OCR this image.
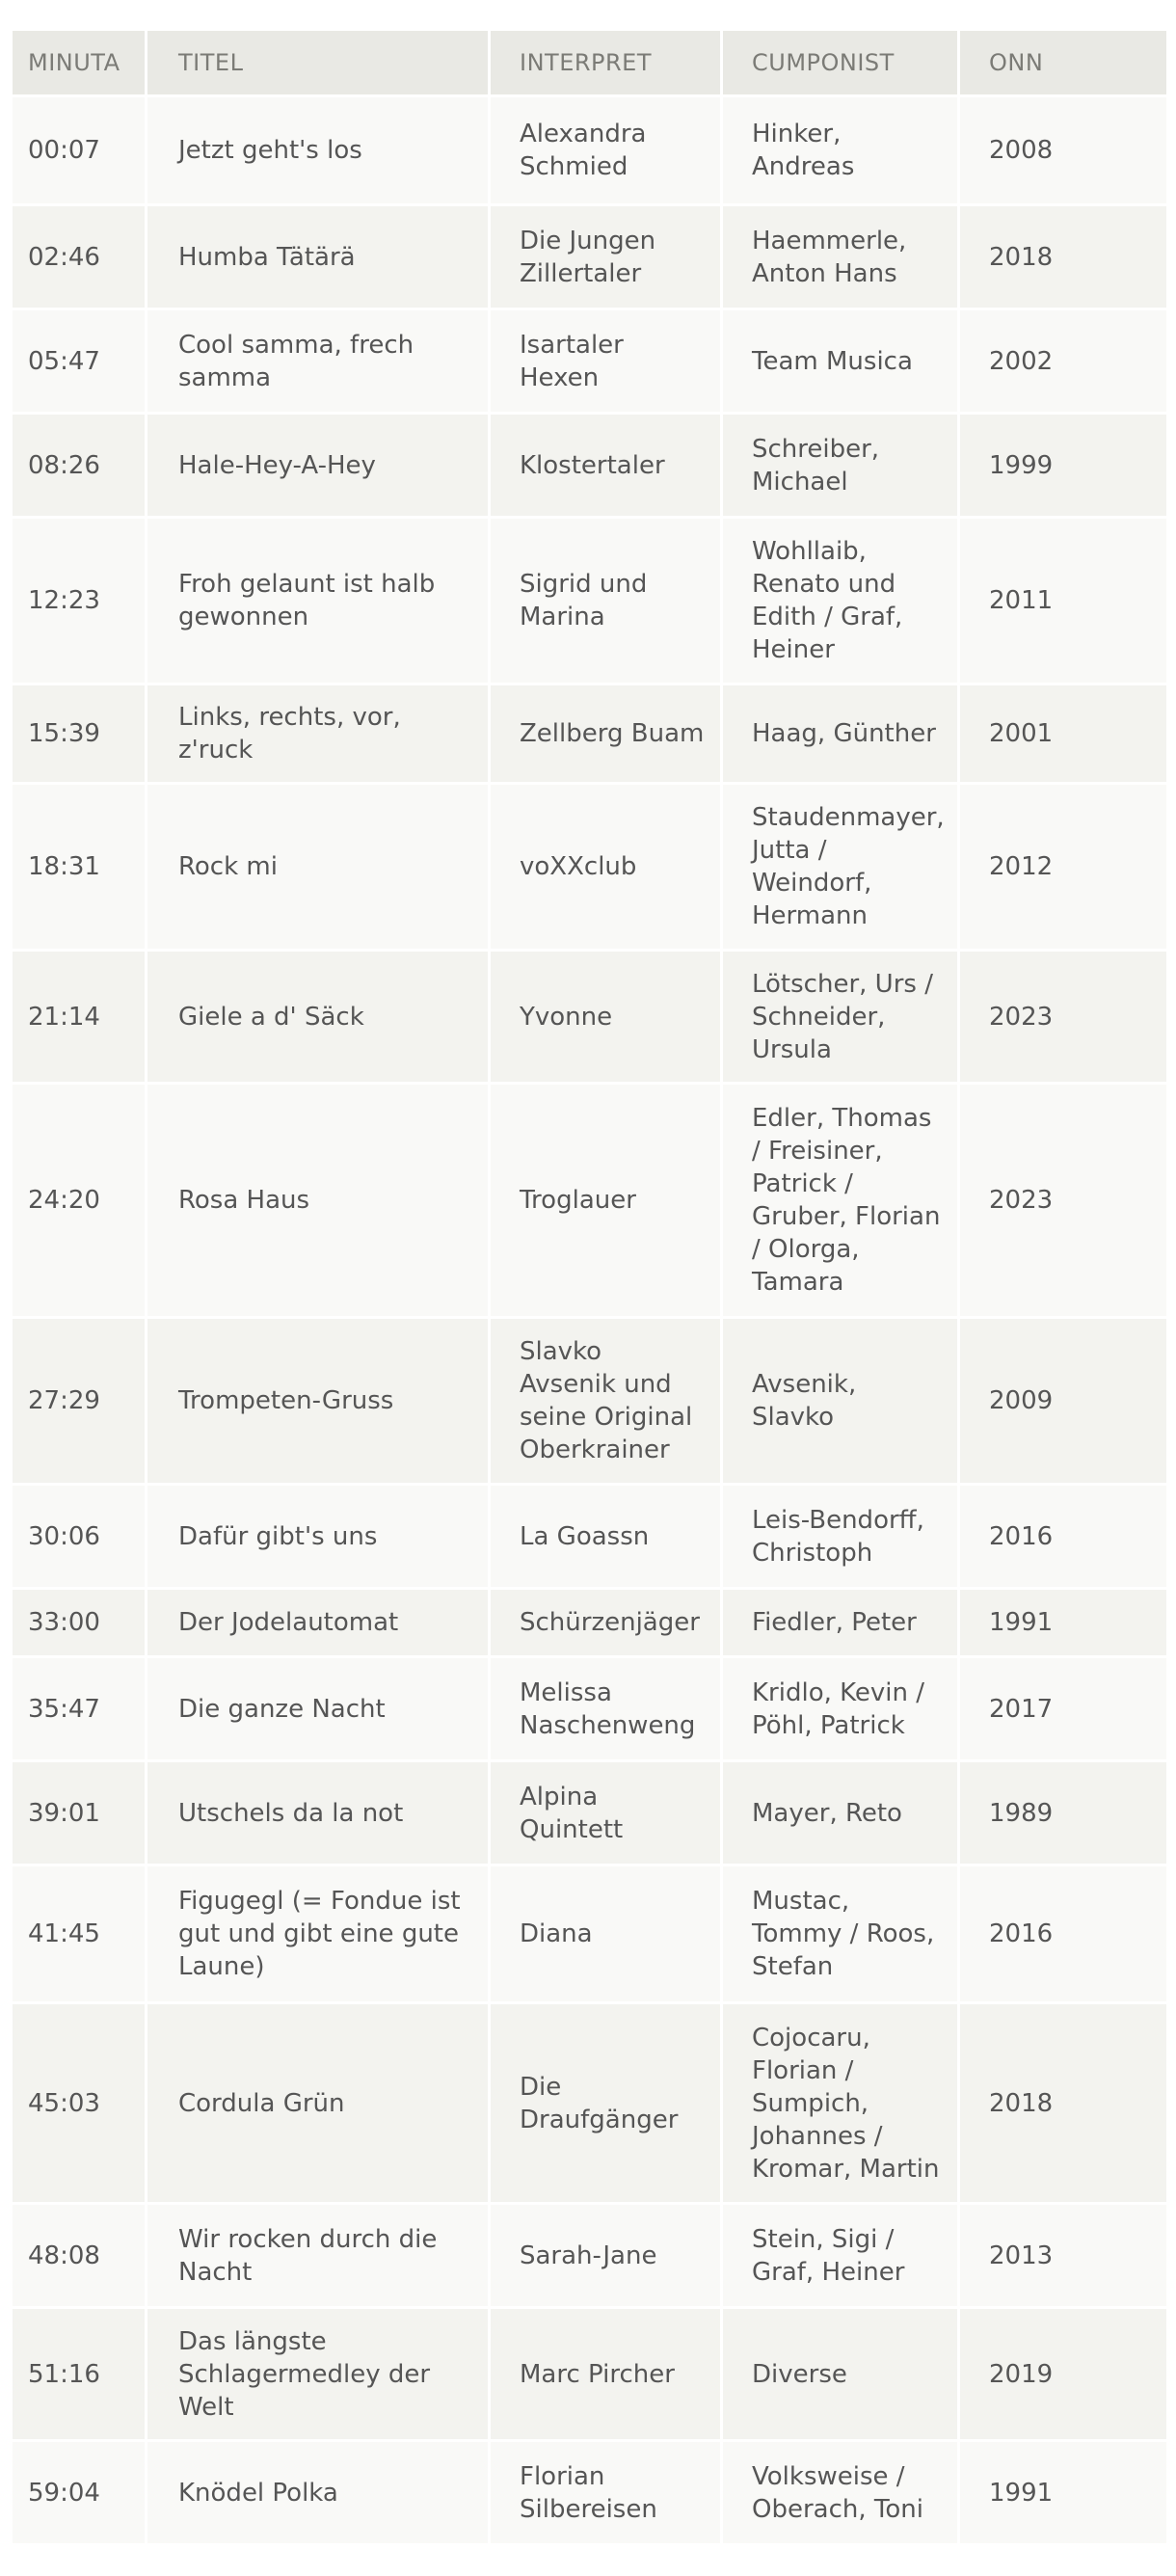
MINUTA	TITEL	INTERPRET	CUMPONIST	ONN
00:07	Jetzt geht's los	Alexandra Schmied	Hinker, Andreas	2008
02:46	Humba Tätärä	Die Jungen Zillertaler	Haemmerle, Anton Hans	2018
05:47	Cool samma, frech samma	Isartaler Hexen	Team Musica	2002
08:26	Hale-Hey-A-Hey	Klostertaler	Schreiber, Michael	1999
12:23	Froh gelaunt ist halb gewonnen	Sigrid und Marina	Wohllaib, Renato und Edith / Graf, Heiner	2011
15:39	Links, rechts, vor, z'ruck	Zellberg Buam	Haag, Günther	2001
18:31	Rock mi	voXXclub	Staudenmayer, Jutta / Weindorf, Hermann	2012
21:14	Giele a d' Säck	Yvonne	Lötscher, Urs / Schneider, Ursula	2023
24:20	Rosa Haus	Troglauer	Edler, Thomas / Freisiner, Patrick / Gruber, Florian / Olorga, Tamara	2023
27:29	Trompeten-Gruss	Slavko Avsenik und seine Original Oberkrainer	Avsenik, Slavko	2009
30:06	Dafür gibt's uns	La Goassn	Leis-Bendorff, Christoph	2016
33:00	Der Jodelautomat	Schürzenjäger	Fiedler, Peter	1991
35:47	Die ganze Nacht	Melissa Naschenweng	Kridlo, Kevin / Pöhl, Patrick	2017
39:01	Utschels da la not	Alpina Quintett	Mayer, Reto	1989
41:45	Figugegl (= Fondue ist gut und gibt eine gute Laune)	Diana	Mustac, Tommy / Roos, Stefan	2016
45:03	Cordula Grün	Die Draufgänger	Cojocaru, Florian / Sumpich, Johannes / Kromar, Martin	2018
48:08	Wir rocken durch die Nacht	Sarah-Jane	Stein, Sigi / Graf, Heiner	2013
51:16	Das längste Schlagermedley der Welt	Marc Pircher	Diverse	2019
59:04	Knödel Polka	Florian Silbereisen	Volksweise / Oberach, Toni	1991
